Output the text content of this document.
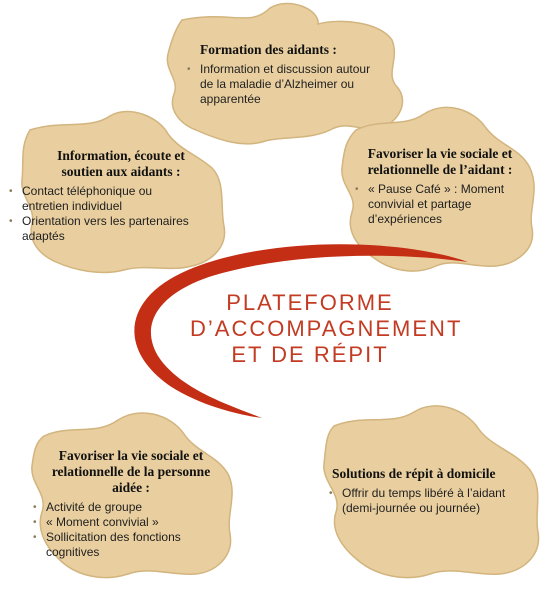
Formation des aidants :
• Information et discussion autour
de la maladie d’Alzheimer ou
apparentée
Information, écoute et
soutien aux aidants :
• Contact téléphonique ou
entretien individuel
• Orientation vers les partenaires
adaptés
Favoriser la vie sociale et
relationnelle de l’aidant :
• « Pause Café » : Moment
convivial et partage
d’expériences
PLATEFORME
D’ACCOMPAGNEMENT
ET DE RÉPIT
Favoriser la vie sociale et
relationnelle de la personne
aidée :
• Activité de groupe
• « Moment convivial »
• Sollicitation des fonctions
cognitives
Solutions de répit à domicile
• Offrir du temps libéré à l’aidant
(demi-journée ou journée)
